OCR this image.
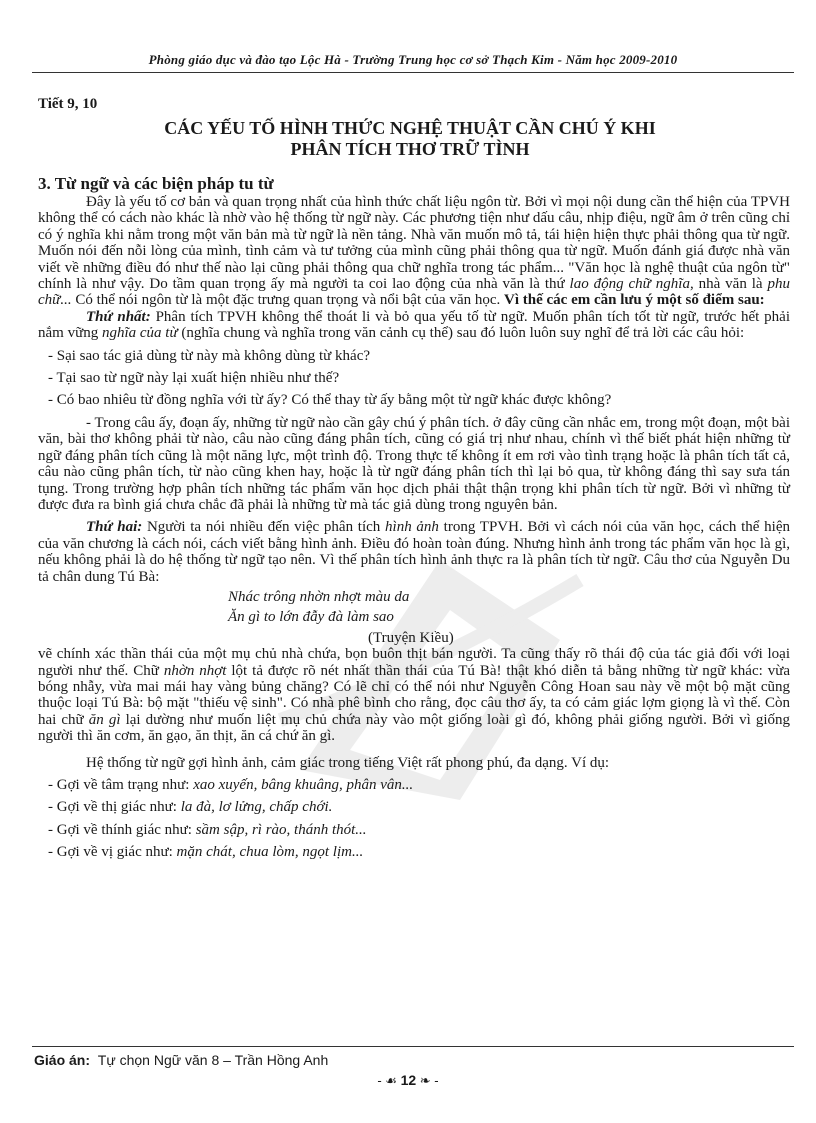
Phòng giáo dục và đào tạo Lộc Hà - Trường Trung học cơ sở Thạch Kim - Năm học 2009-2010
Tiết 9, 10
CÁC YẾU TỐ HÌNH THỨC NGHỆ THUẬT CẦN CHÚ Ý KHI
PHÂN TÍCH THƠ TRỮ TÌNH

3. Từ ngữ và các biện pháp tu từ

Đây là yếu tố cơ bản và quan trọng nhất của hình thức chất liệu ngôn từ. Bởi vì mọi nội dung cần thể hiện của TPVH không thể có cách nào khác là nhờ vào hệ thống từ ngữ này. Các phương tiện như dấu câu, nhịp điệu, ngữ âm ở trên cũng chỉ có ý nghĩa khi nằm trong một văn bản mà từ ngữ là nền tảng. Nhà văn muốn mô tả, tái hiện hiện thực phải thông qua từ ngữ. Muốn nói đến nỗi lòng của mình, tình cảm và tư tưởng của mình cũng phải thông qua từ ngữ. Muốn đánh giá được nhà văn viết về những điều đó như thế nào lại cũng phải thông qua chữ nghĩa trong tác phẩm... "Văn học là nghệ thuật của ngôn từ" chính là như vậy. Do tầm quan trọng ấy mà người ta coi lao động của nhà văn là thứ lao động chữ nghĩa, nhà văn là phu chữ... Có thể nói ngôn từ là một đặc trưng quan trọng và nổi bật của văn học. Vì thế các em cần lưu ý một số điểm sau:

Thứ nhất: Phân tích TPVH không thể thoát li và bỏ qua yếu tố từ ngữ. Muốn phân tích tốt từ ngữ, trước hết phải nắm vững nghĩa của từ (nghĩa chung và nghĩa trong văn cảnh cụ thể) sau đó luôn luôn suy nghĩ để trả lời các câu hỏi:

- Sại sao tác giả dùng từ này mà không dùng từ khác?

- Tại sao từ ngữ này lại xuất hiện nhiều như thế?

- Có bao nhiêu từ đồng nghĩa với từ ấy? Có thể thay từ ấy bằng một từ ngữ khác được không?

- Trong câu ấy, đoạn ấy, những từ ngữ nào cần gây chú ý phân tích. ở đây cũng cần nhắc em, trong một đoạn, một bài văn, bài thơ không phải từ nào, câu nào cũng đáng phân tích, cũng có giá trị như nhau, chính vì thế biết phát hiện những từ ngữ đáng phân tích cũng là một năng lực, một trình độ. Trong thực tế không ít em rơi vào tình trạng hoặc là phân tích tất cả, câu nào cũng phân tích, từ nào cũng khen hay, hoặc là từ ngữ đáng phân tích thì lại bỏ qua, từ không đáng thì say sưa tán tụng. Trong trường hợp phân tích những tác phẩm văn học dịch phải thật thận trọng khi phân tích từ ngữ. Bởi vì những từ được đưa ra bình giá chưa chắc đã phải là những từ mà tác giả dùng trong nguyên bản.

Thứ hai: Người ta nói nhiều đến việc phân tích hình ảnh trong TPVH. Bởi vì cách nói của văn học, cách thể hiện của văn chương là cách nói, cách viết bằng hình ảnh. Điều đó hoàn toàn đúng. Nhưng hình ảnh trong tác phẩm văn học là gì, nếu không phải là do hệ thống từ ngữ tạo nên. Vì thế phân tích hình ảnh thực ra là phân tích từ ngữ. Câu thơ của Nguyễn Du tả chân dung Tú Bà:

Nhác trông nhờn nhợt màu da

Ăn gì to lớn đẫy đà làm sao

(Truyện Kiều)

vẽ chính xác thần thái của một mụ chủ nhà chứa, bọn buôn thịt bán người. Ta cũng thấy rõ thái độ của tác giả đối với loại người như thế. Chữ nhờn nhợt lột tả được rõ nét nhất thần thái của Tú Bà! thật khó diễn tả bằng những từ ngữ khác: vừa bóng nhẫy, vừa mai mái hay vàng bủng chăng? Có lẽ chỉ có thể nói như Nguyễn Công Hoan sau này về một bộ mặt cũng thuộc loại Tú Bà: bộ mặt "thiếu vệ sinh". Có nhà phê bình cho rằng, đọc câu thơ ấy, ta có cảm giác lợm giọng là vì thế. Còn hai chữ ăn gì lại dường như muốn liệt mụ chủ chứa này vào một giống loài gì đó, không phải giống người. Bởi vì giống người thì ăn cơm, ăn gạo, ăn thịt, ăn cá chứ ăn gì.

Hệ thống từ ngữ gợi hình ảnh, cảm giác trong tiếng Việt rất phong phú, đa dạng. Ví dụ:

- Gợi về tâm trạng như: xao xuyến, bâng khuâng, phân vân...

- Gợi về thị giác như: la đà, lơ lửng, chấp chới.

- Gợi về thính giác như: sầm sập, rì rào, thánh thót...

- Gợi về vị giác như: mặn chát, chua lòm, ngọt lịm...

Giáo án: Tự chọn Ngữ văn 8 – Trần Hồng Anh
- ☙ 12 ❧ -
